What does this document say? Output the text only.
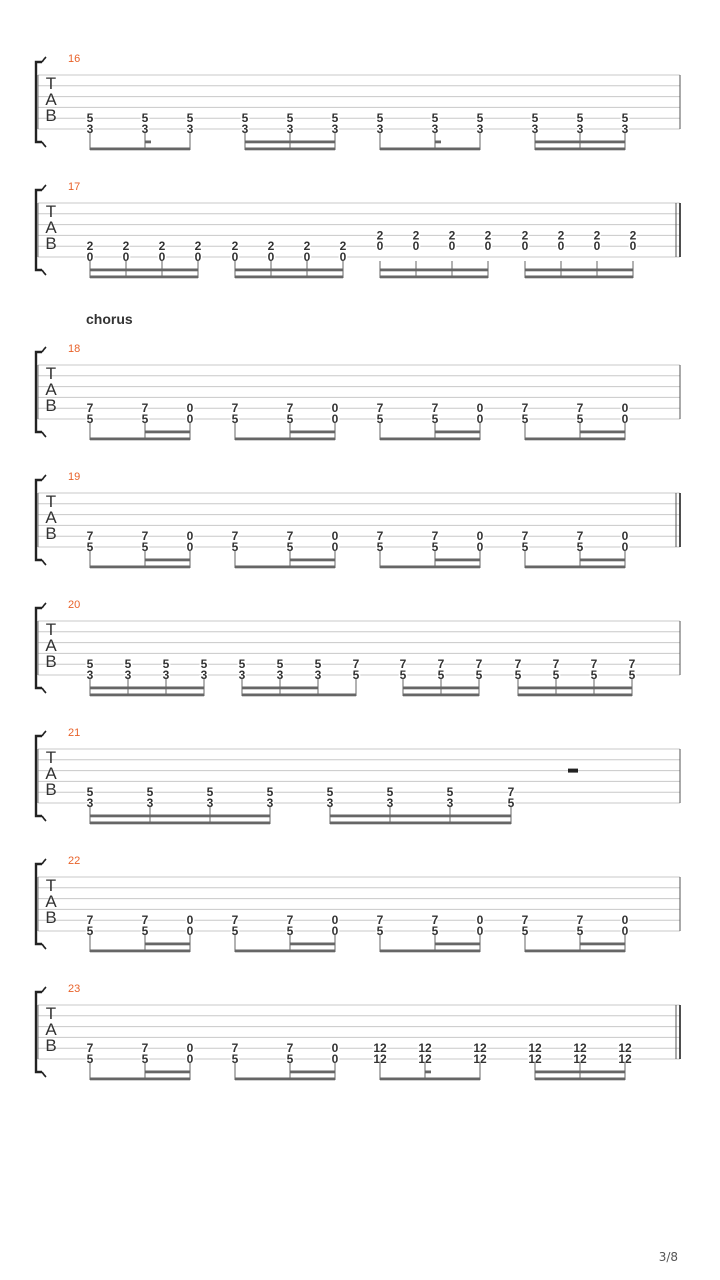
T
A
B
16
5
3
5
3
5
3
5
3
5
3
5
3
5
3
5
3
5
3
5
3
5
3
5
3
T
A
B
17
2
0
2
0
2
0
2
0
2
0
2
0
2
0
2
0
2
0
2
0
2
0
2
0
2
0
2
0
2
0
2
0
T
A
B
18
chorus
7
5
7
5
0
0
7
5
7
5
0
0
7
5
7
5
0
0
7
5
7
5
0
0
T
A
B
19
7
5
7
5
0
0
7
5
7
5
0
0
7
5
7
5
0
0
7
5
7
5
0
0
T
A
B
20
5
3
5
3
5
3
5
3
5
3
5
3
5
3
7
5
7
5
7
5
7
5
7
5
7
5
7
5
7
5
T
A
B
21
5
3
5
3
5
3
5
3
5
3
5
3
5
3
7
5
T
A
B
22
7
5
7
5
0
0
7
5
7
5
0
0
7
5
7
5
0
0
7
5
7
5
0
0
T
A
B
23
7
5
7
5
0
0
7
5
7
5
0
0
12
12
12
12
12
12
12
12
12
12
12
12
3/8
